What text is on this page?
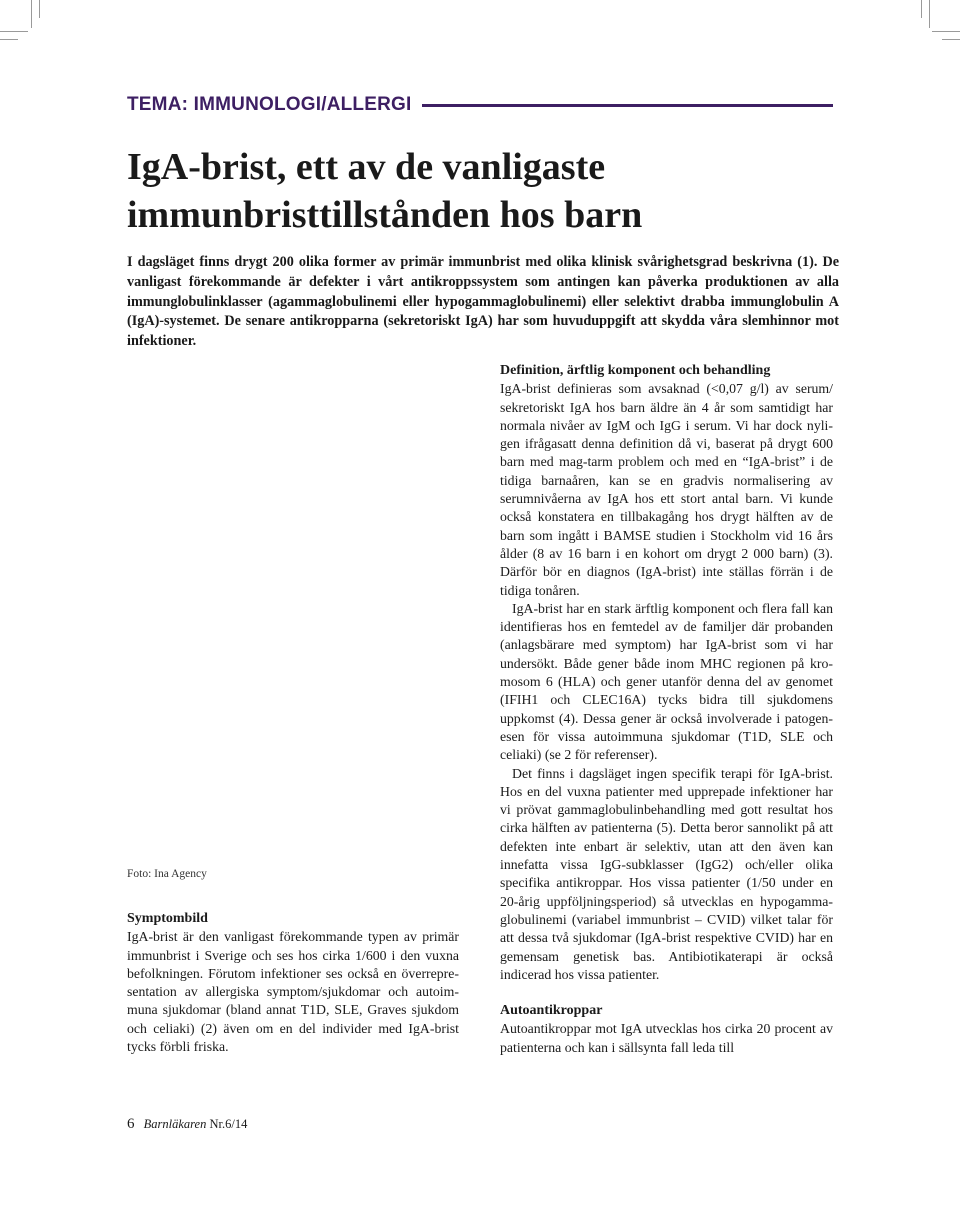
TEMA: IMMUNOLOGI/ALLERGI
IgA-brist, ett av de vanligaste
immunbristtillstånden hos barn

I dagsläget finns drygt 200 olika former av primär immunbrist med olika klinisk svårighetsgrad beskrivna (1). De vanligast förekommande är defekter i vårt antikroppssystem som antingen kan påverka produktionen av alla immunglobulinklasser (agammaglobulinemi eller hypogammaglobulinemi) eller selektivt drabba immunglobulin A (IgA)-systemet. De senare antikropparna (sekretoriskt IgA) har som huvuduppgift att skydda våra slemhinnor mot infektioner.

Foto: Ina Agency

Symptombild

IgA-brist är den vanligast förekommande typen av primär immunbrist i Sverige och ses hos cirka 1/600 i den vuxna befolkningen. Förutom infektioner ses också en överrepresentation av allergiska symptom/sjukdomar och autoimmuna sjukdomar (bland annat T1D, SLE, Graves sjukdom och celiaki) (2) även om en del individer med IgA-brist tycks förbli friska.

Definition, ärftlig komponent och behandling

IgA-brist definieras som avsaknad (<0,07 g/l) av serum/ sekretoriskt IgA hos barn äldre än 4 år som samtidigt har normala nivåer av IgM och IgG i serum. Vi har dock nyligen ifrågasatt denna definition då vi, baserat på drygt 600 barn med mag-tarm problem och med en “IgA-brist” i de tidiga barnaåren, kan se en gradvis normalisering av serumnivåerna av IgA hos ett stort antal barn. Vi kunde också konstatera en tillbakagång hos drygt hälften av de barn som ingått i BAMSE studien i Stockholm vid 16 års ålder (8 av 16 barn i en kohort om drygt 2 000 barn) (3). Därför bör en diagnos (IgA-brist) inte ställas förrän i de tidiga tonåren.

IgA-brist har en stark ärftlig komponent och flera fall kan identifieras hos en femtedel av de familjer där probanden (anlagsbärare med symptom) har IgA-brist som vi har undersökt. Både gener både inom MHC regionen på kromosom 6 (HLA) och gener utanför denna del av genomet (IFIH1 och CLEC16A) tycks bidra till sjukdomens uppkomst (4). Dessa gener är också involverade i patogenesen för vissa autoimmuna sjukdomar (T1D, SLE och celiaki) (se 2 för referenser).

Det finns i dagsläget ingen specifik terapi för IgA-brist. Hos en del vuxna patienter med upprepade infektioner har vi prövat gammaglobulinbehandling med gott resultat hos cirka hälften av patienterna (5). Detta beror sannolikt på att defekten inte enbart är selektiv, utan att den även kan innefatta vissa IgG-subklasser (IgG2) och/eller olika specifika antikroppar. Hos vissa patienter (1/50 under en 20-årig uppföljningsperiod) så utvecklas en hypogammaglobulinemi (variabel immunbrist – CVID) vilket talar för att dessa två sjukdomar (IgA-brist respektive CVID) har en gemensam genetisk bas. Antibiotikaterapi är också indicerad hos vissa patienter.

Autoantikroppar

Autoantikroppar mot IgA utvecklas hos cirka 20 procent av patienterna och kan i sällsynta fall leda till

6 Barnläkaren Nr.6/14
